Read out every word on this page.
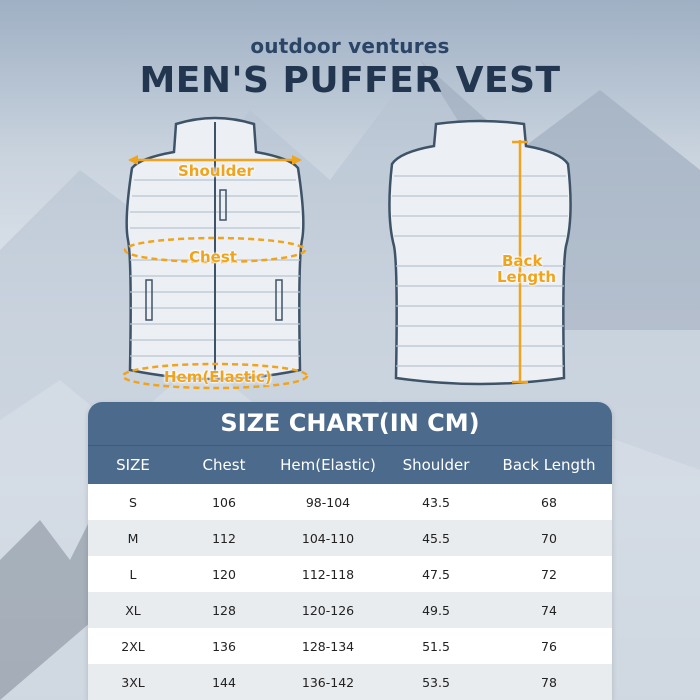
outdoor ventures
MEN'S PUFFER VEST
Shoulder
Chest
Hem(Elastic)
Back
Length
SIZE CHART(IN CM)
SIZE	Chest	Hem(Elastic)	Shoulder	Back Length
S	106	98-104	43.5	68
M	112	104-110	45.5	70
L	120	112-118	47.5	72
XL	128	120-126	49.5	74
2XL	136	128-134	51.5	76
3XL	144	136-142	53.5	78
